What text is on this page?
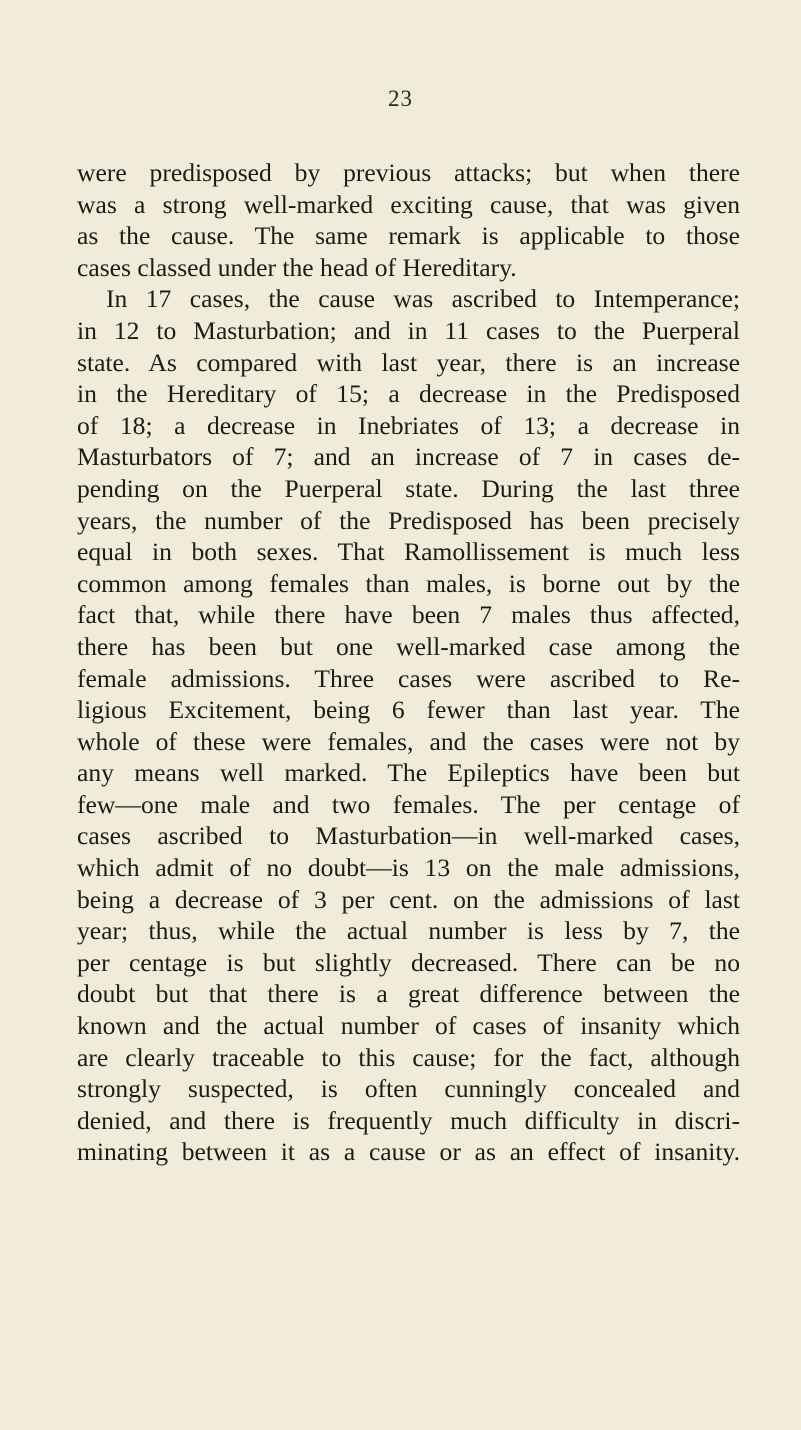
23
were predisposed by previous attacks; but when there
was a strong well-marked exciting cause, that was given
as the cause. The same remark is applicable to those
cases classed under the head of Hereditary.
In 17 cases, the cause was ascribed to Intemperance;
in 12 to Masturbation; and in 11 cases to the Puerperal
state. As compared with last year, there is an increase
in the Hereditary of 15; a decrease in the Predisposed
of 18; a decrease in Inebriates of 13; a decrease in
Masturbators of 7; and an increase of 7 in cases de-
pending on the Puerperal state. During the last three
years, the number of the Predisposed has been precisely
equal in both sexes. That Ramollissement is much less
common among females than males, is borne out by the
fact that, while there have been 7 males thus affected,
there has been but one well-marked case among the
female admissions. Three cases were ascribed to Re-
ligious Excitement, being 6 fewer than last year. The
whole of these were females, and the cases were not by
any means well marked. The Epileptics have been but
few—one male and two females. The per centage of
cases ascribed to Masturbation—in well-marked cases,
which admit of no doubt—is 13 on the male admissions,
being a decrease of 3 per cent. on the admissions of last
year; thus, while the actual number is less by 7, the
per centage is but slightly decreased. There can be no
doubt but that there is a great difference between the
known and the actual number of cases of insanity which
are clearly traceable to this cause; for the fact, although
strongly suspected, is often cunningly concealed and
denied, and there is frequently much difficulty in discri-
minating between it as a cause or as an effect of insanity.
